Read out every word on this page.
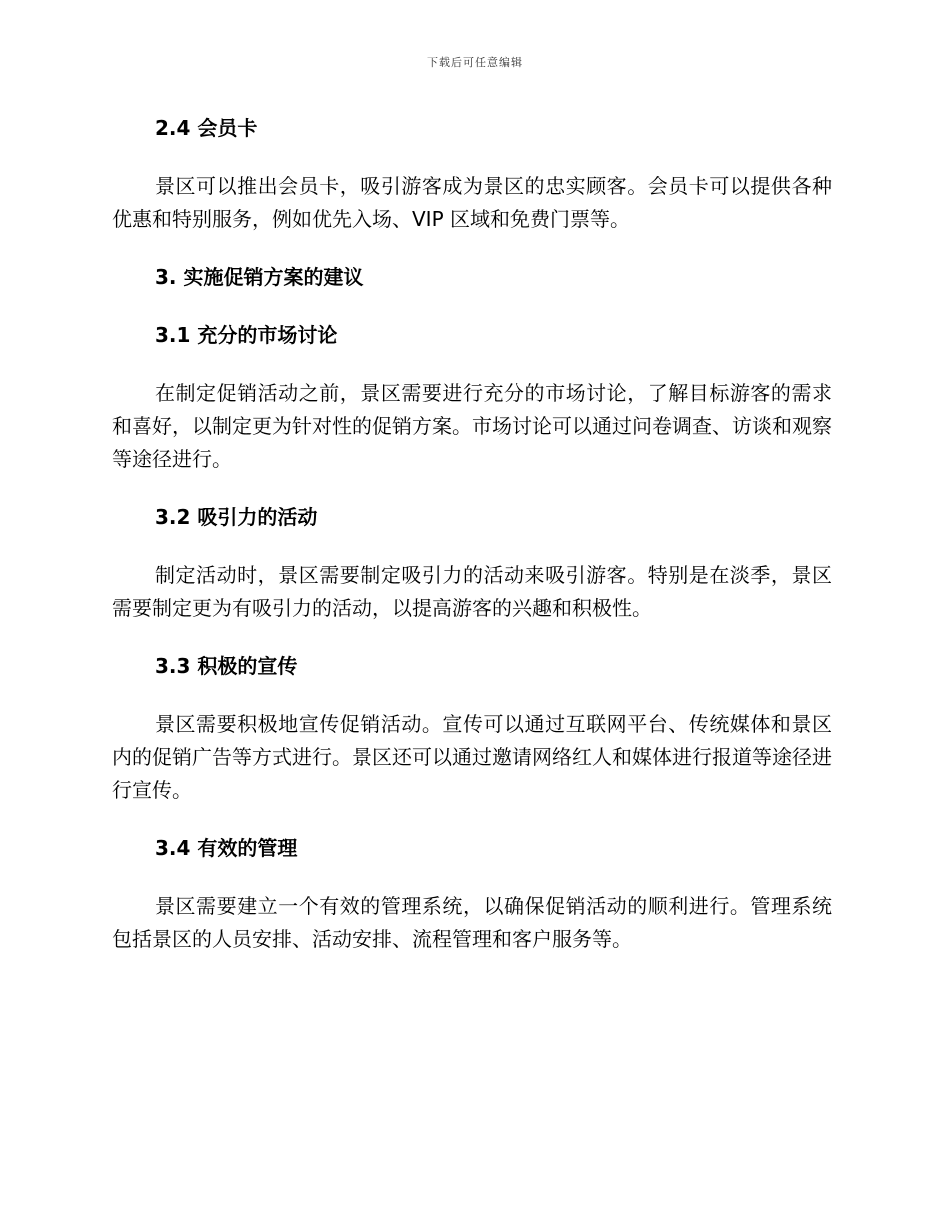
下载后可任意编辑
2.4 会员卡

景区可以推出会员卡，吸引游客成为景区的忠实顾客。会员卡可以提供各种优惠和特别服务，例如优先入场、VIP 区域和免费门票等。

3. 实施促销方案的建议
3.1 充分的市场讨论

在制定促销活动之前，景区需要进行充分的市场讨论，了解目标游客的需求和喜好，以制定更为针对性的促销方案。市场讨论可以通过问卷调查、访谈和观察等途径进行。

3.2 吸引力的活动

制定活动时，景区需要制定吸引力的活动来吸引游客。特别是在淡季，景区需要制定更为有吸引力的活动，以提高游客的兴趣和积极性。

3.3 积极的宣传

景区需要积极地宣传促销活动。宣传可以通过互联网平台、传统媒体和景区内的促销广告等方式进行。景区还可以通过邀请网络红人和媒体进行报道等途径进行宣传。

3.4 有效的管理

景区需要建立一个有效的管理系统，以确保促销活动的顺利进行。管理系统包括景区的人员安排、活动安排、流程管理和客户服务等。
